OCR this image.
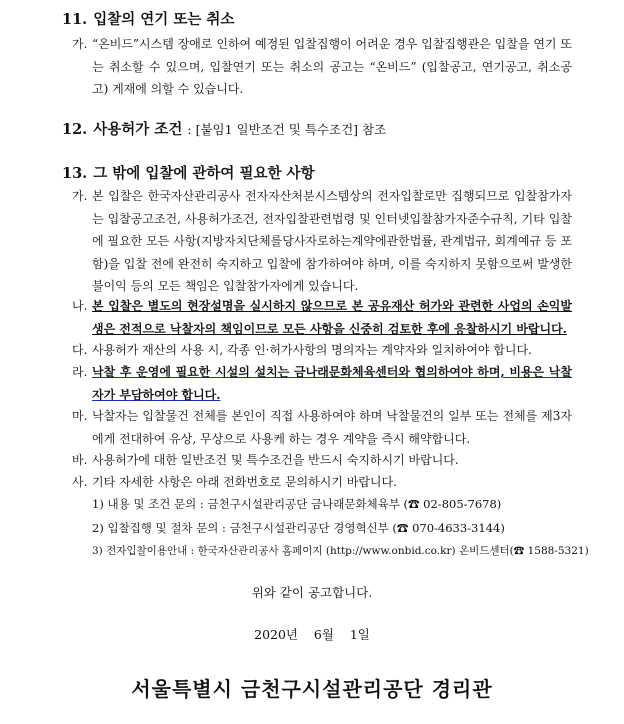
11. 입찰의 연기 또는 취소
가. “온비드”시스템 장애로 인하여 예정된 입찰집행이 어려운 경우 입찰집행관은 입찰을 연기 또는 취소할 수 있으며, 입찰연기 또는 취소의 공고는 “온비드” (입찰공고, 연기공고, 취소공고) 게재에 의할 수 있습니다.
12. 사용허가 조건 : [붙임1 일반조건 및 특수조건] 참조
13. 그 밖에 입찰에 관하여 필요한 사항
가. 본 입찰은 한국자산관리공사 전자자산처분시스템상의 전자입찰로만 집행되므로 입찰참가자는 입찰공고조건, 사용허가조건, 전자입찰관련법령 및 인터넷입찰참가자준수규칙, 기타 입찰에 필요한 모든 사항(지방자치단체를당사자로하는계약에관한법률, 관계법규, 회계예규 등 포함)을 입찰 전에 완전히 숙지하고 입찰에 참가하여야 하며, 이를 숙지하지 못함으로써 발생한 불이익 등의 모든 책임은 입찰참가자에게 있습니다.
나. 본 입찰은 별도의 현장설명을 실시하지 않으므로 본 공유재산 허가와 관련한 사업의 손익발생은 전적으로 낙찰자의 책임이므로 모든 사항을 신중히 검토한 후에 응찰하시기 바랍니다.
다. 사용허가 재산의 사용 시, 각종 인·허가사항의 명의자는 계약자와 일치하여야 합니다.
라. 낙찰 후 운영에 필요한 시설의 설치는 금나래문화체육센터와 협의하여야 하며, 비용은 낙찰자가 부담하여야 합니다.
마. 낙찰자는 입찰물건 전체를 본인이 직접 사용하여야 하며 낙찰물건의 일부 또는 전체를 제3자에게 전대하여 유상, 무상으로 사용케 하는 경우 계약을 즉시 해약합니다.
바. 사용허가에 대한 일반조건 및 특수조건을 반드시 숙지하시기 바랍니다.
사. 기타 자세한 사항은 아래 전화번호로 문의하시기 바랍니다.
1) 내용 및 조건 문의 : 금천구시설관리공단 금나래문화체육부 (☎ 02-805-7678)
2) 입찰집행 및 절차 문의 : 금천구시설관리공단 경영혁신부 (☎ 070-4633-3144)
3) 전자입찰이용안내 : 한국자산관리공사 홈페이지 (http://www.onbid.co.kr) 온비드센터(☎ 1588-5321)
위와 같이 공고합니다.
2020년    6월    1일
서울특별시 금천구시설관리공단 경리관
